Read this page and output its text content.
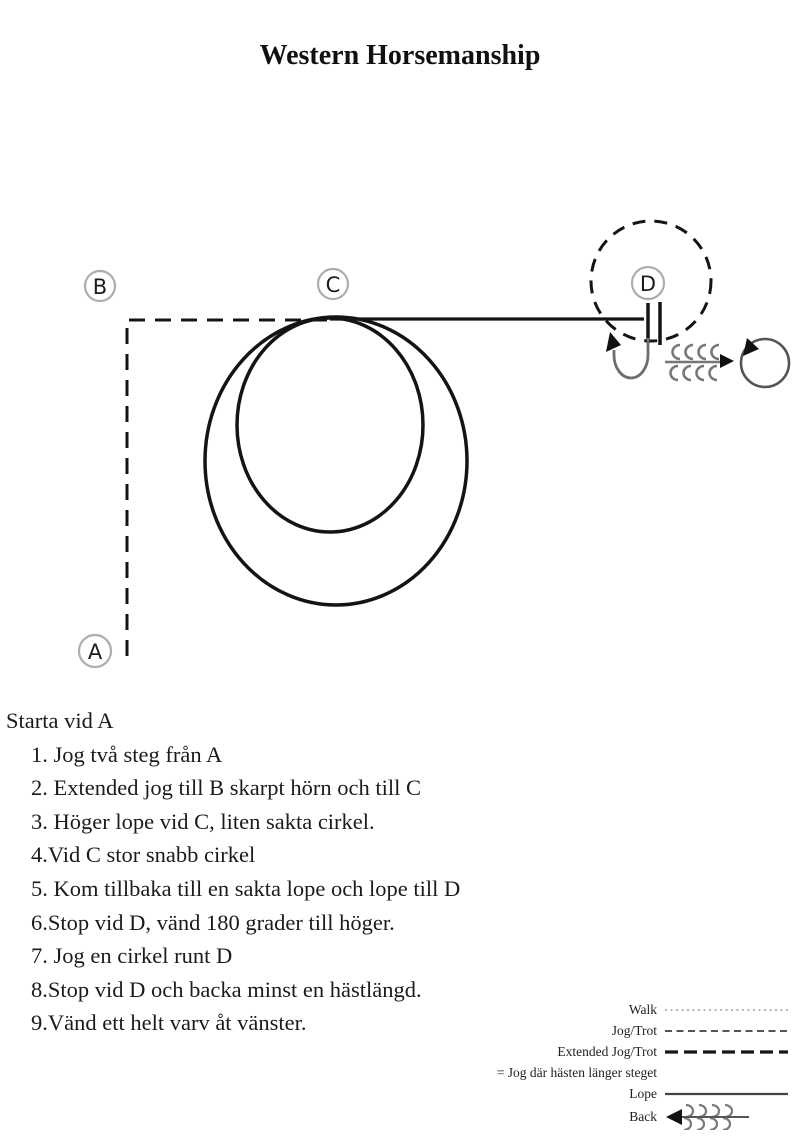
Western Horsemanship
B	C	D
A
Starta vid A
1. Jog två steg från A
2. Extended jog till B skarpt hörn och till C
3. Höger lope vid C, liten sakta cirkel.
4.Vid C stor snabb cirkel
5. Kom tillbaka till en sakta lope och lope till D
6.Stop vid D, vänd 180 grader till höger.
7. Jog en cirkel runt D
8.Stop vid D och backa minst en hästlängd.
9.Vänd ett helt varv åt vänster.
Walk
Jog/Trot
Extended Jog/Trot
= Jog där hästen länger steget
Lope
Back
